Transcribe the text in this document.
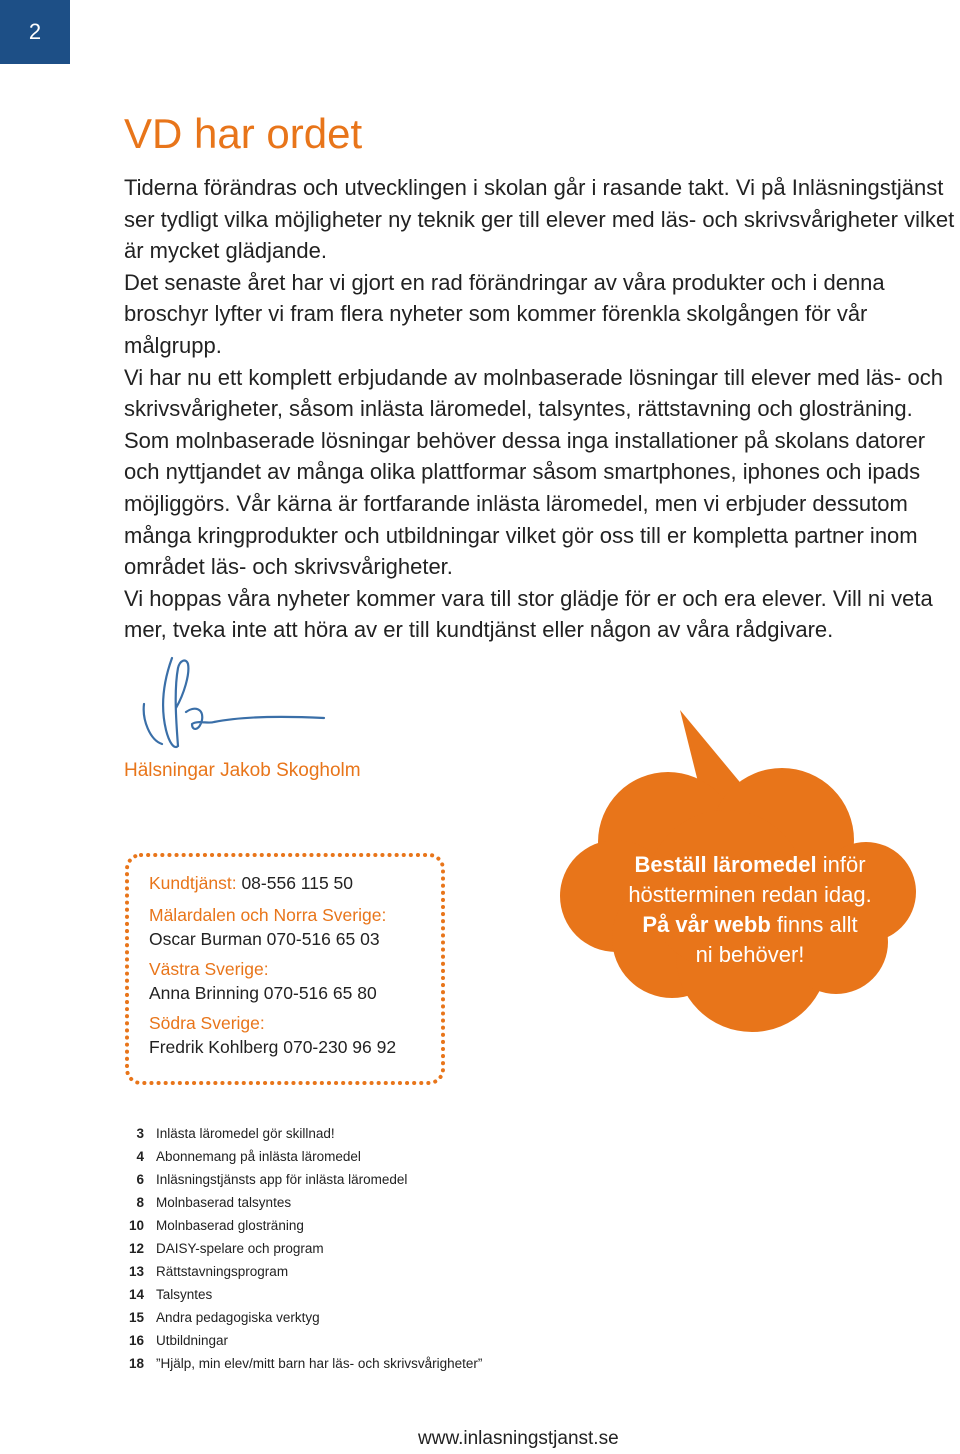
2
VD har ordet

Tiderna förändras och utvecklingen i skolan går i rasande takt. Vi på Inläsningstjänst ser tydligt vilka möjligheter ny teknik ger till elever med läs- och skrivsvårigheter vilket är mycket glädjande.

Det senaste året har vi gjort en rad förändringar av våra produkter och i denna broschyr lyfter vi fram flera nyheter som kommer förenkla skolgången för vår målgrupp.

Vi har nu ett komplett erbjudande av molnbaserade lösningar till elever med läs- och skrivsvårigheter, såsom inlästa läromedel, talsyntes, rättstavning och glosträning. Som molnbaserade lösningar behöver dessa inga installationer på skolans datorer och nyttjandet av många olika plattformar såsom smartphones, iphones och ipads möjliggörs. Vår kärna är fortfarande inlästa läromedel, men vi erbjuder dessutom många kringprodukter och utbildningar vilket gör oss till er kompletta partner inom området läs- och skrivsvårigheter.

Vi hoppas våra nyheter kommer vara till stor glädje för er och era elever. Vill ni veta mer, tveka inte att höra av er till kundtjänst eller någon av våra rådgivare.

Hälsningar Jakob Skogholm
Kundtjänst: 08-556 115 50
Mälardalen och Norra Sverige:
Oscar Burman 070-516 65 03
Västra Sverige:
Anna Brinning 070-516 65 80
Södra Sverige:
Fredrik Kohlberg 070-230 96 92
Beställ läromedel inför
höstterminen redan idag.
På vår webb finns allt
ni behöver!
3 Inlästa läromedel gör skillnad!
4 Abonnemang på inlästa läromedel
6 Inläsningstjänsts app för inlästa läromedel
8 Molnbaserad talsyntes
10 Molnbaserad glosträning
12 DAISY-spelare och program
13 Rättstavningsprogram
14 Talsyntes
15 Andra pedagogiska verktyg
16 Utbildningar
18 ”Hjälp, min elev/mitt barn har läs- och skrivsvårigheter”
www.inlasningstjanst.se
